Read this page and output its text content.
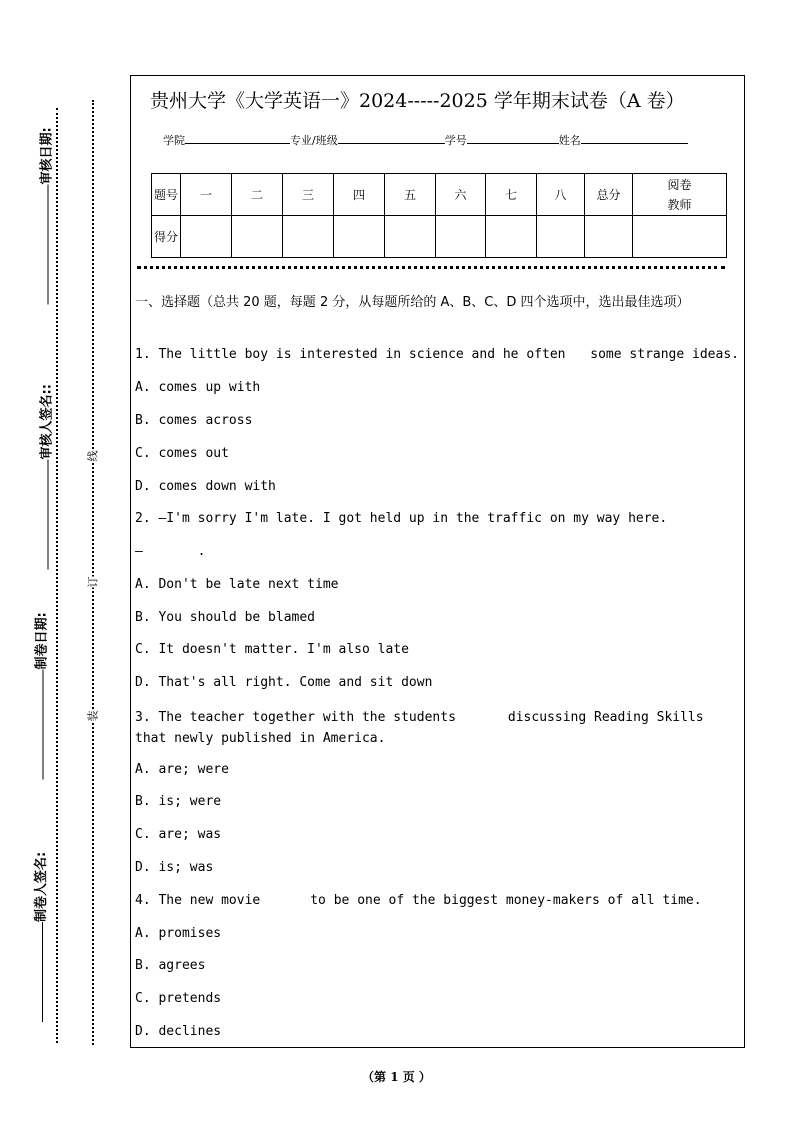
审核日期:
审核人签名::
制卷日期:
制卷人签名:
线
订
装
贵州大学《大学英语一》2024-----2025 学年期末试卷（A 卷）
学院	专业/班级	学号	姓名
题号	一	二	三	四	五	六	七	八	总分	阅卷教师
得分										
一、选择题（总共 20 题，每题 2 分，从每题所给的 A、B、C、D 四个选项中，选出最佳选项）
1. The little boy is interested in science and he often some strange ideas.
A. comes up with
B. comes across
C. comes out
D. comes down with
2. —I'm sorry I'm late. I got held up in the traffic on my way here.
—       .
A. Don't be late next time
B. You should be blamed
C. It doesn't matter. I'm also late
D. That's all right. Come and sit down
3. The teacher together with the students	discussing Reading Skills that newly published in America.
A. are; were
B. is; were
C. are; was
D. is; was
4. The new movie	to be one of the biggest money-makers of all time.
A. promises
B. agrees
C. pretends
D. declines
（第 1 页 ）
